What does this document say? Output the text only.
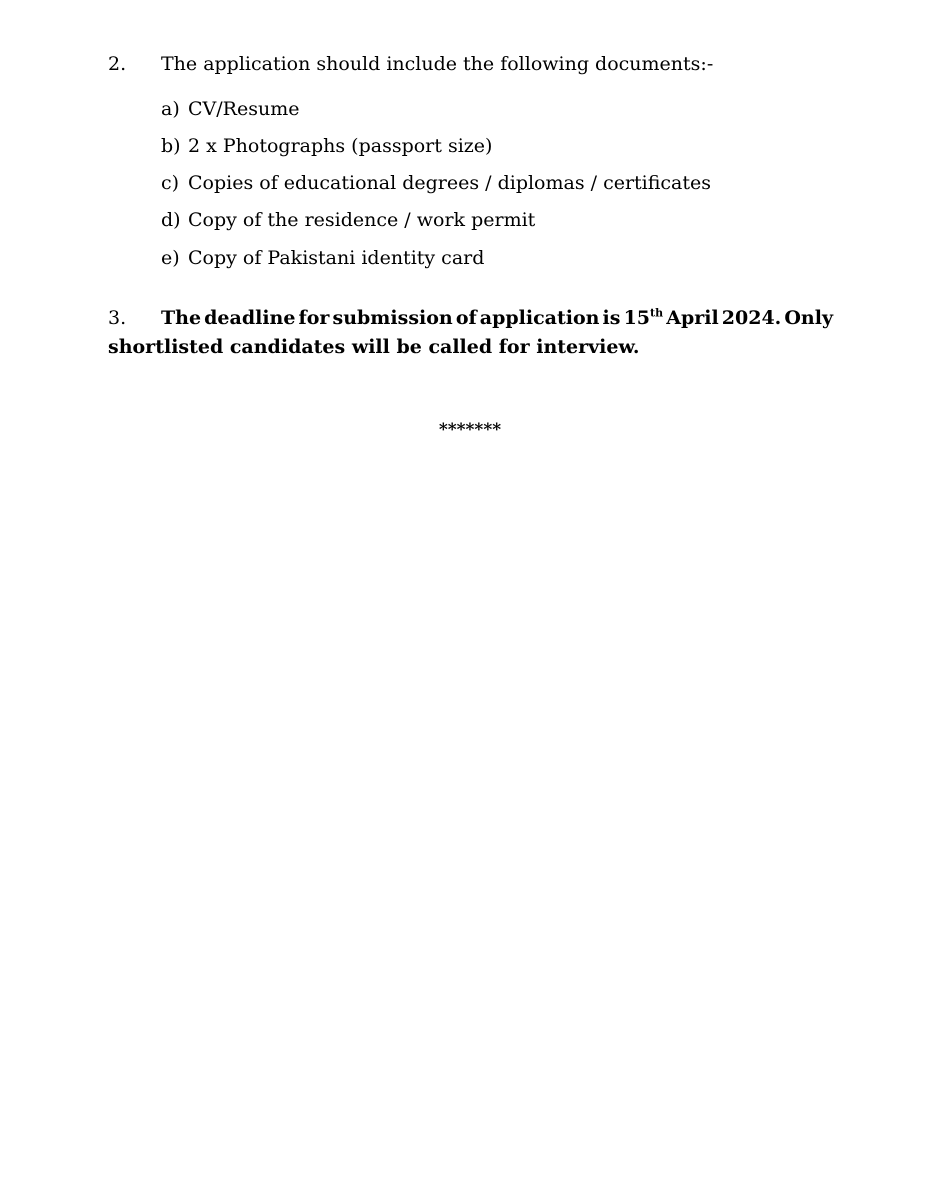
2. The application should include the following documents:-
a) CV/Resume
b) 2 x Photographs (passport size)
c) Copies of educational degrees / diplomas / certificates
d) Copy of the residence / work permit
e) Copy of Pakistani identity card
3. The deadline for submission of application is 15th April 2024. Only
shortlisted candidates will be called for interview.
*******
